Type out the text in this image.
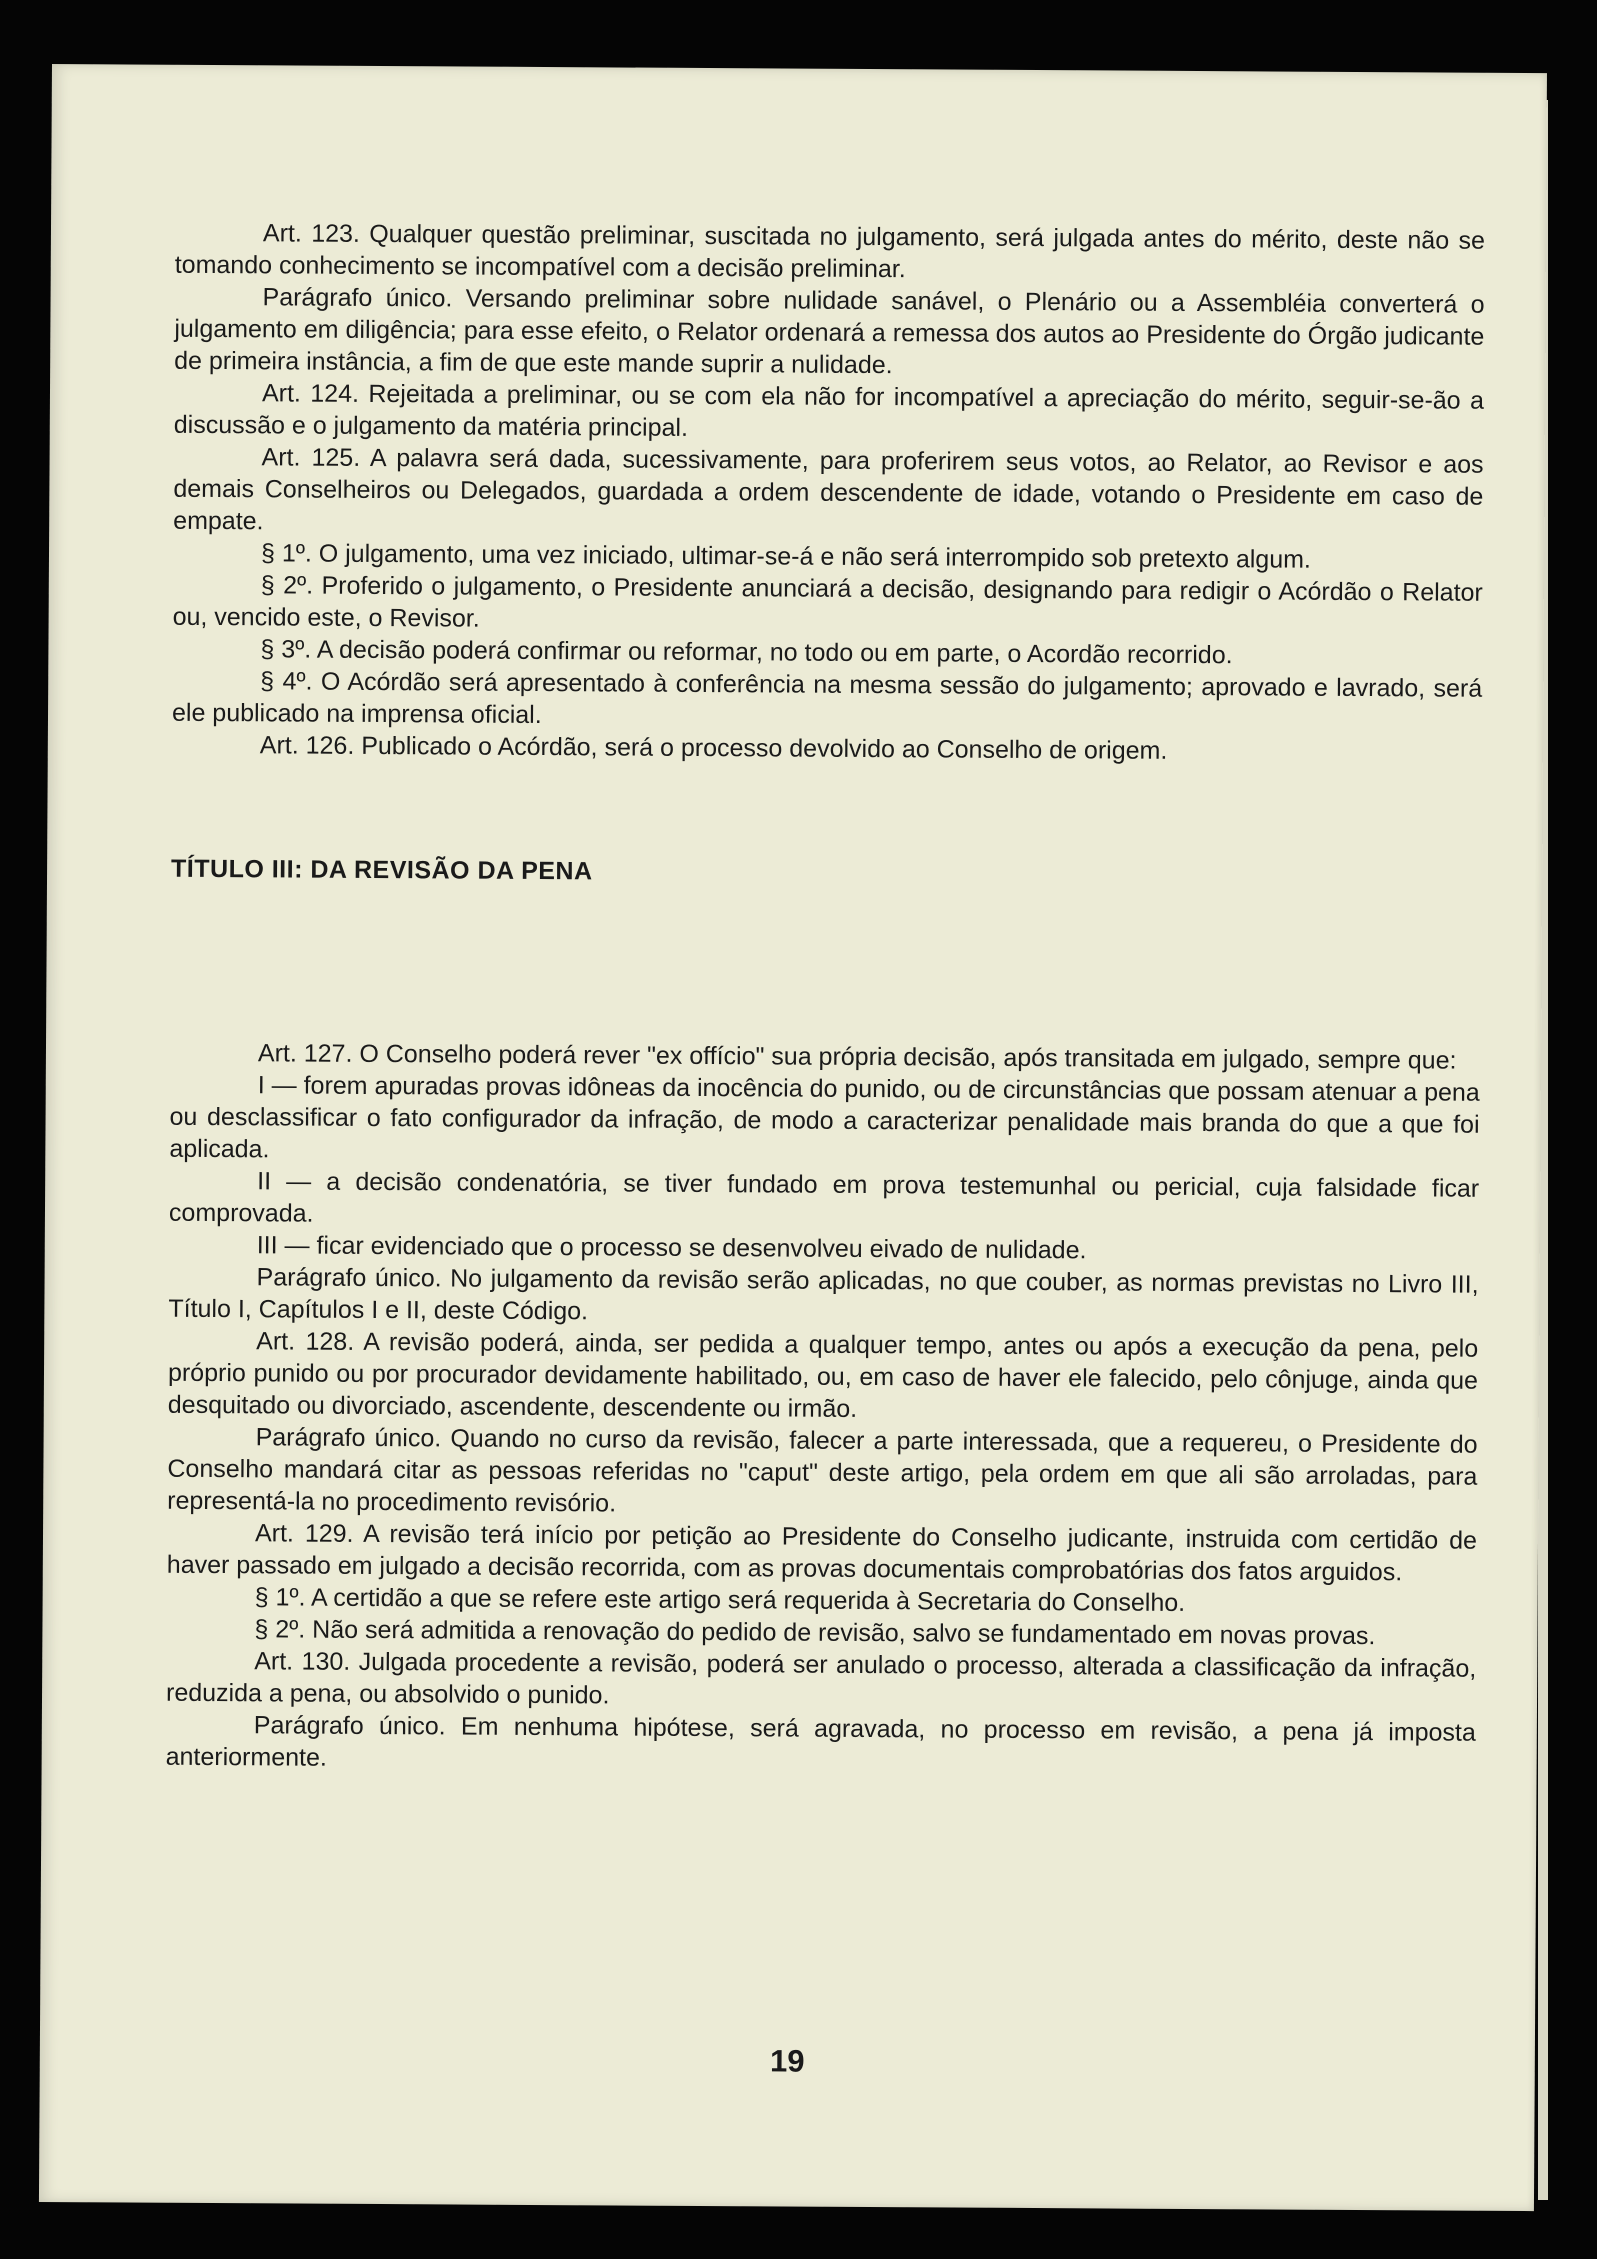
Art. 123. Qualquer questão preliminar, suscitada no julgamento, será julgada antes do mérito, deste não se tomando conhecimento se incompatível com a decisão preliminar.

Parágrafo único. Versando preliminar sobre nulidade sanável, o Plenário ou a Assembléia converterá o julgamento em diligência; para esse efeito, o Relator ordenará a remessa dos autos ao Presidente do Órgão judicante de primeira instância, a fim de que este mande suprir a nulidade.

Art. 124. Rejeitada a preliminar, ou se com ela não for incompatível a apreciação do mérito, seguir-se-ão a discussão e o julgamento da matéria principal.

Art. 125. A palavra será dada, sucessivamente, para proferirem seus votos, ao Relator, ao Revisor e aos demais Conselheiros ou Delegados, guardada a ordem descendente de idade, votando o Presidente em caso de empate.

§ 1º. O julgamento, uma vez iniciado, ultimar-se-á e não será interrompido sob pretexto algum.

§ 2º. Proferido o julgamento, o Presidente anunciará a decisão, designando para redigir o Acórdão o Relator ou, vencido este, o Revisor.

§ 3º. A decisão poderá confirmar ou reformar, no todo ou em parte, o Acordão recorrido.

§ 4º. O Acórdão será apresentado à conferência na mesma sessão do julgamento; aprovado e lavrado, será ele publicado na imprensa oficial.

Art. 126. Publicado o Acórdão, será o processo devolvido ao Conselho de origem.

TÍTULO III: DA REVISÃO DA PENA

Art. 127. O Conselho poderá rever "ex offício" sua própria decisão, após transitada em julgado, sempre que:

I — forem apuradas provas idôneas da inocência do punido, ou de circunstâncias que possam atenuar a pena ou desclassificar o fato configurador da infração, de modo a caracterizar penalidade mais branda do que a que foi aplicada.

II — a decisão condenatória, se tiver fundado em prova testemunhal ou pericial, cuja falsidade ficar comprovada.

III — ficar evidenciado que o processo se desenvolveu eivado de nulidade.

Parágrafo único. No julgamento da revisão serão aplicadas, no que couber, as normas previstas no Livro III, Título I, Capítulos I e II, deste Código.

Art. 128. A revisão poderá, ainda, ser pedida a qualquer tempo, antes ou após a execução da pena, pelo próprio punido ou por procurador devidamente habilitado, ou, em caso de haver ele falecido, pelo cônjuge, ainda que desquitado ou divorciado, ascendente, descendente ou irmão.

Parágrafo único. Quando no curso da revisão, falecer a parte interessada, que a requereu, o Presidente do Conselho mandará citar as pessoas referidas no "caput" deste artigo, pela ordem em que ali são arroladas, para representá-la no procedimento revisório.

Art. 129. A revisão terá início por petição ao Presidente do Conselho judicante, instruida com certidão de haver passado em julgado a decisão recorrida, com as provas documentais comprobatórias dos fatos arguidos.

§ 1º. A certidão a que se refere este artigo será requerida à Secretaria do Conselho.

§ 2º. Não será admitida a renovação do pedido de revisão, salvo se fundamentado em novas provas.

Art. 130. Julgada procedente a revisão, poderá ser anulado o processo, alterada a classificação da infração, reduzida a pena, ou absolvido o punido.

Parágrafo único. Em nenhuma hipótese, será agravada, no processo em revisão, a pena já imposta anteriormente.

19
